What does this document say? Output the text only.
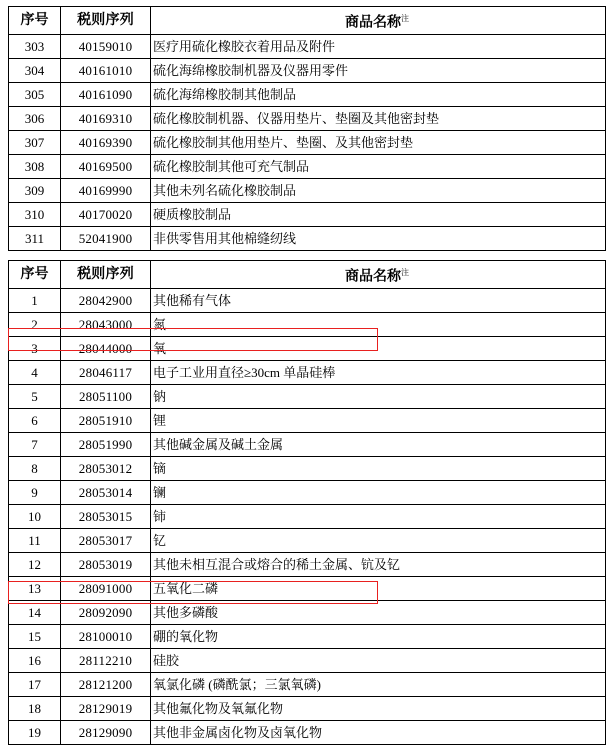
序号	税则序列	商品名称$^注$
303	40159010	医疗用硫化橡胶衣着用品及附件
304	40161010	硫化海绵橡胶制机器及仪器用零件
305	40161090	硫化海绵橡胶制其他制品
306	40169310	硫化橡胶制机器、仪器用垫片、垫圈及其他密封垫
307	40169390	硫化橡胶制其他用垫片、垫圈、及其他密封垫
308	40169500	硫化橡胶制其他可充气制品
309	40169990	其他未列名硫化橡胶制品
310	40170020	硬质橡胶制品
311	52041900	非供零售用其他棉缝纫线
序号	税则序列	商品名称$^注$
1	28042900	其他稀有气体
2	28043000	氮
3	28044000	氧
4	28046117	电子工业用直径≥30cm 单晶硅棒
5	28051100	钠
6	28051910	锂
7	28051990	其他碱金属及碱土金属
8	28053012	镝
9	28053014	镧
10	28053015	铈
11	28053017	钇
12	28053019	其他未相互混合或熔合的稀土金属、钪及钇
13	28091000	五氧化二磷
14	28092090	其他多磷酸
15	28100010	硼的氧化物
16	28112210	硅胶
17	28121200	氧氯化磷 (磷酰氯；三氯氧磷)
18	28129019	其他氟化物及氧氟化物
19	28129090	其他非金属卤化物及卤氧化物
